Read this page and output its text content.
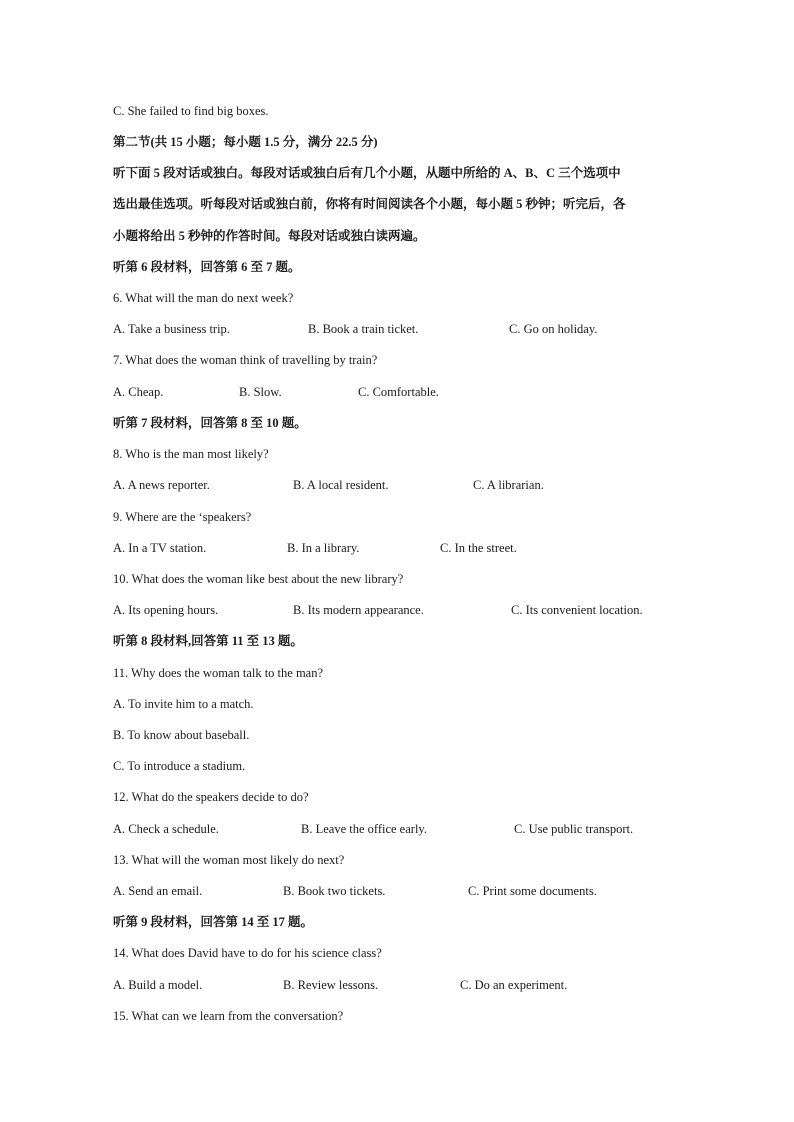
C. She failed to find big boxes.
第二节(共 15 小题；每小题 1.5 分，满分 22.5 分)
听下面 5 段对话或独白。每段对话或独白后有几个小题，从题中所给的 A、B、C 三个选项中
选出最佳选项。听每段对话或独白前，你将有时间阅读各个小题，每小题 5 秒钟；听完后，各
小题将给出 5 秒钟的作答时间。每段对话或独白读两遍。
听第 6 段材料，回答第 6 至 7 题。
6. What will the man do next week?
A. Take a business trip.	B. Book a train ticket.	C. Go on holiday.
7. What does the woman think of travelling by train?
A. Cheap.	B. Slow.	C. Comfortable.
听第 7 段材料，回答第 8 至 10 题。
8. Who is the man most likely?
A. A news reporter.	B. A local resident.	C. A librarian.
9. Where are the ‘speakers?
A. In a TV station.	B. In a library.	C. In the street.
10. What does the woman like best about the new library?
A. Its opening hours.	B. Its modern appearance.	C. Its convenient location.
听第 8 段材料,回答第 11 至 13 题。
11. Why does the woman talk to the man?
A. To invite him to a match.
B. To know about baseball.
C. To introduce a stadium.
12. What do the speakers decide to do?
A. Check a schedule.	B. Leave the office early.	C. Use public transport.
13. What will the woman most likely do next?
A. Send an email.	B. Book two tickets.	C. Print some documents.
听第 9 段材料，回答第 14 至 17 题。
14. What does David have to do for his science class?
A. Build a model.	B. Review lessons.	C. Do an experiment.
15. What can we learn from the conversation?
